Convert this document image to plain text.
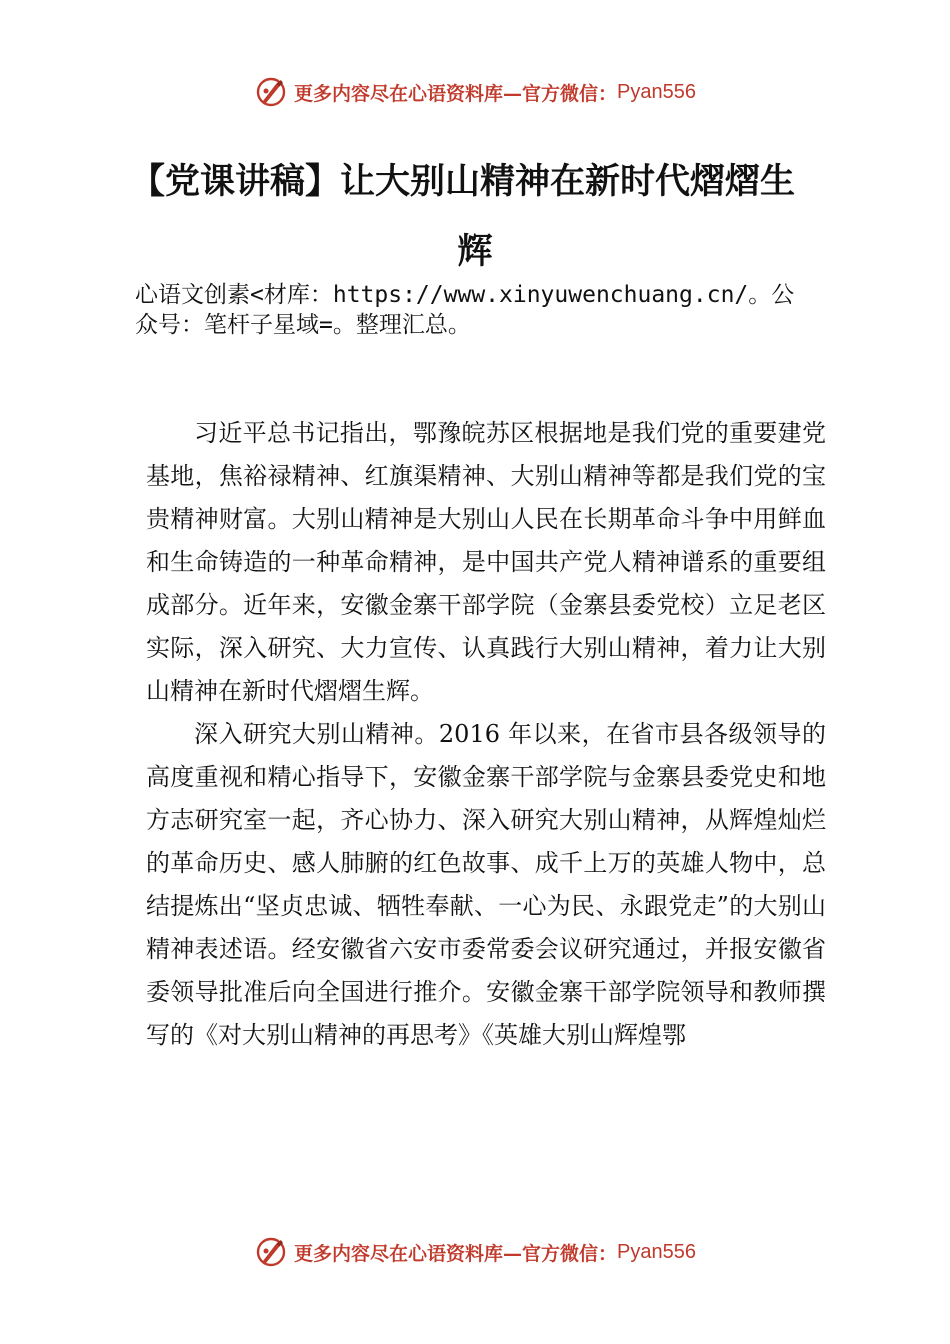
更多内容尽在心语资料库—官方微信： Pyan556
【党课讲稿】让大别山精神在新时代熠熠生
辉
心语文创素<材库：https://www.xinyuwenchuang.cn/。公
众号：笔杆子星域=。整理汇总。

习近平总书记指出，鄂豫皖苏区根据地是我们党的重要建党基地，焦裕禄精神、红旗渠精神、大别山精神等都是我们党的宝贵精神财富。大别山精神是大别山人民在长期革命斗争中用鲜血和生命铸造的一种革命精神，是中国共产党人精神谱系的重要组成部分。近年来，安徽金寨干部学院（金寨县委党校）立足老区实际，深入研究、大力宣传、认真践行大别山精神，着力让大别山精神在新时代熠熠生辉。

深入研究大别山精神。2016 年以来，在省市县各级领导的高度重视和精心指导下，安徽金寨干部学院与金寨县委党史和地方志研究室一起，齐心协力、深入研究大别山精神，从辉煌灿烂的革命历史、感人肺腑的红色故事、成千上万的英雄人物中，总结提炼出“坚贞忠诚、牺牲奉献、一心为民、永跟党走”的大别山精神表述语。经安徽省六安市委常委会议研究通过，并报安徽省委领导批准后向全国进行推介。安徽金寨干部学院领导和教师撰写的《对大别山精神的再思考》《英雄大别山辉煌鄂

更多内容尽在心语资料库—官方微信： Pyan556
